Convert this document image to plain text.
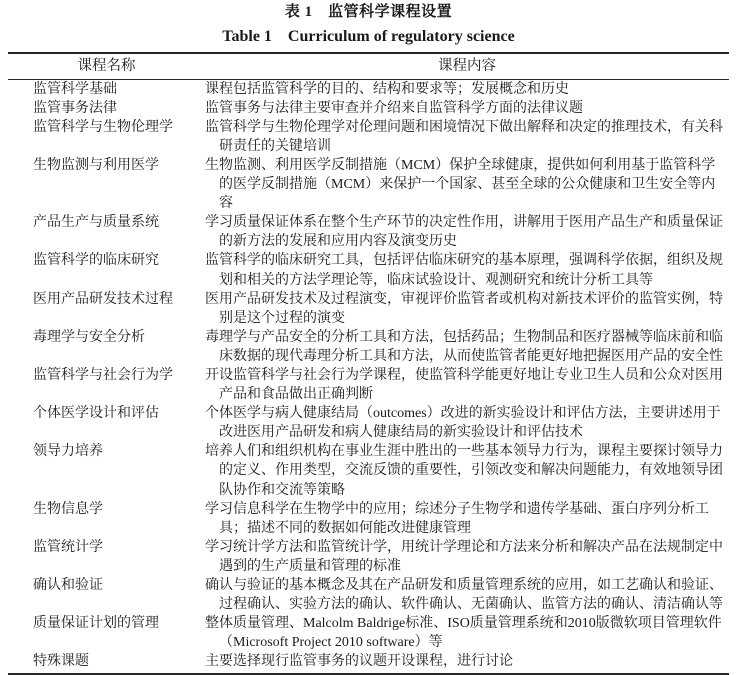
表 1　监管科学课程设置
Table 1　Curriculum of regulatory science
课程名称	课程内容
监管科学基础	课程包括监管科学的目的、结构和要求等；发展概念和历史
监管事务法律	监管事务与法律主要审查并介绍来自监管科学方面的法律议题
监管科学与生物伦理学	监管科学与生物伦理学对伦理问题和困境情况下做出解释和决定的推理技术，有关科研责任的关键培训
生物监测与利用医学	生物监测、利用医学反制措施（MCM）保护全球健康，提供如何利用基于监管科学的医学反制措施（MCM）来保护一个国家、甚至全球的公众健康和卫生安全等内容
产品生产与质量系统	学习质量保证体系在整个生产环节的决定性作用，讲解用于医用产品生产和质量保证的新方法的发展和应用内容及演变历史
监管科学的临床研究	监管科学的临床研究工具，包括评估临床研究的基本原理，强调科学依据，组织及规划和相关的方法学理论等，临床试验设计、观测研究和统计分析工具等
医用产品研发技术过程	医用产品研发技术及过程演变，审视评价监管者或机构对新技术评价的监管实例，特别是这个过程的演变
毒理学与安全分析	毒理学与产品安全的分析工具和方法，包括药品；生物制品和医疗器械等临床前和临床数据的现代毒理分析工具和方法，从而使监管者能更好地把握医用产品的安全性
监管科学与社会行为学	开设监管科学与社会行为学课程，使监管科学能更好地让专业卫生人员和公众对医用产品和食品做出正确判断
个体医学设计和评估	个体医学与病人健康结局（outcomes）改进的新实验设计和评估方法，主要讲述用于改进医用产品研发和病人健康结局的新实验设计和评估技术
领导力培养	培养人们和组织机构在事业生涯中胜出的一些基本领导力行为，课程主要探讨领导力的定义、作用类型，交流反馈的重要性，引领改变和解决问题能力，有效地领导团队协作和交流等策略
生物信息学	学习信息科学在生物学中的应用；综述分子生物学和遗传学基础、蛋白序列分析工具；描述不同的数据如何能改进健康管理
监管统计学	学习统计学方法和监管统计学，用统计学理论和方法来分析和解决产品在法规制定中遇到的生产质量和管理的标准
确认和验证	确认与验证的基本概念及其在产品研发和质量管理系统的应用，如工艺确认和验证、过程确认、实验方法的确认、软件确认、无菌确认、监管方法的确认、清洁确认等
质量保证计划的管理	整体质量管理、Malcolm Baldrige标准、ISO质量管理系统和2010版微软项目管理软件（Microsoft Project 2010 software）等
特殊课题	主要选择现行监管事务的议题开设课程，进行讨论
